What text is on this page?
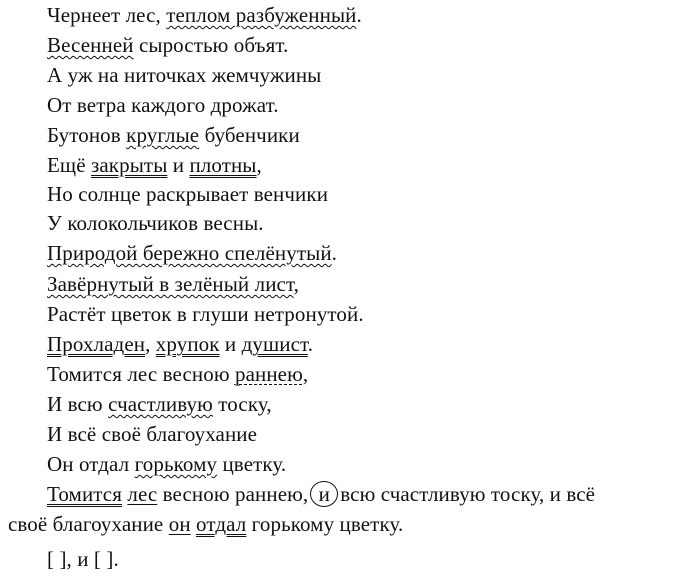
Чернеет лес, теплом разбуженный.
Весенней сыростью объят.
А уж на ниточках жемчужины
От ветра каждого дрожат.
Бутонов круглые бубенчики
Ещё закрыты и плотны,
Но солнце раскрывает венчики
У колокольчиков весны.
Природой бережно спелёнутый.
Завёрнутый в зелёный лист,
Растёт цветок в глуши нетронутой.
Прохладен, хрупок и душист.
Томится лес весною раннею,
И всю счастливую тоску,
И всё своё благоухание
Он отдал горькому цветку.
Томится лес весною раннею, и всю счастливую тоску, и всё
своё благоухание он отдал горькому цветку.
[ ], и [ ].
